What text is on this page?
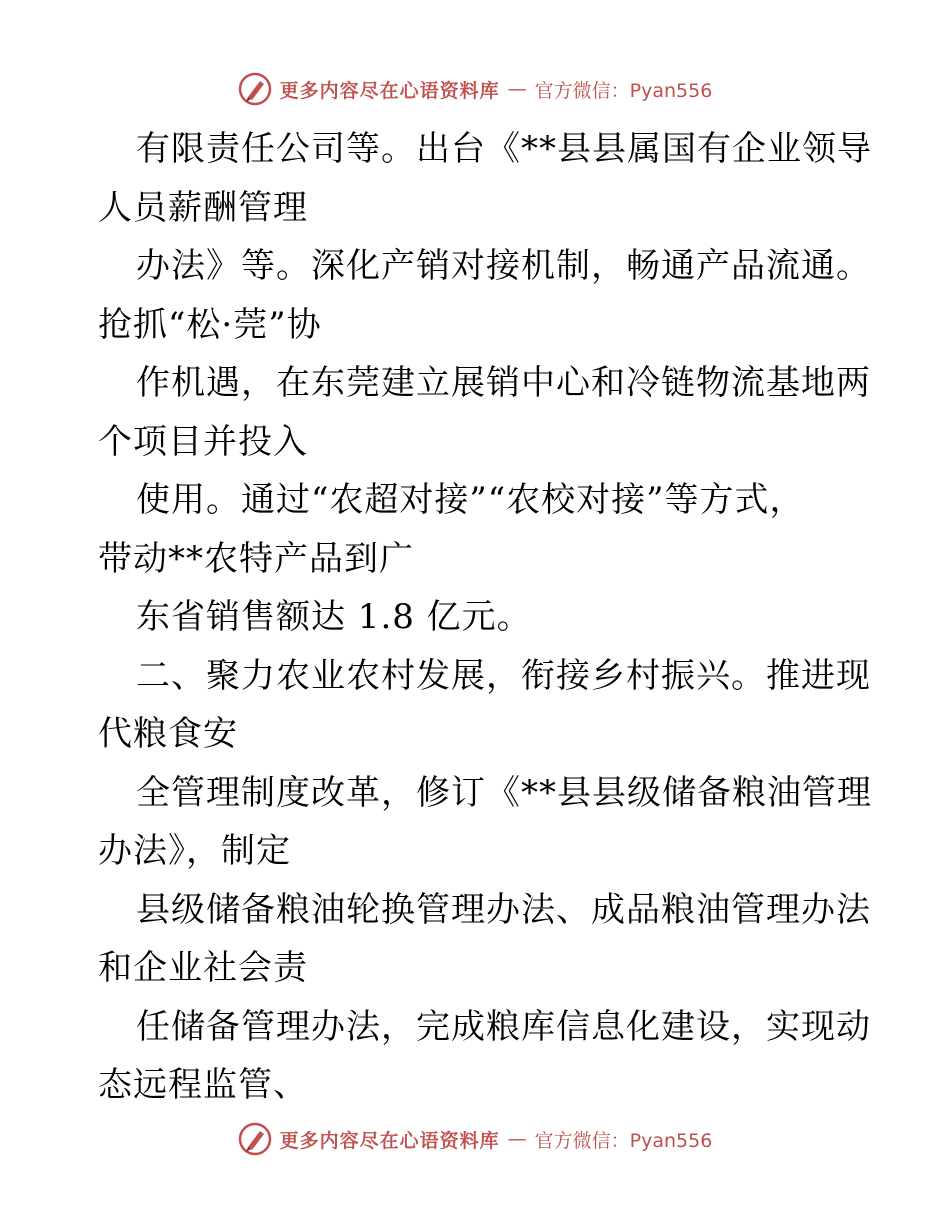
更多内容尽在心语资料库 — 官方微信：Pyan556
有限责任公司等。出台《**县县属国有企业领导
人员薪酬管理
办法》等。深化产销对接机制，畅通产品流通。
抢抓“松·莞”协
作机遇，在东莞建立展销中心和冷链物流基地两
个项目并投入
使用。通过“农超对接”“农校对接”等方式，
带动**农特产品到广
东省销售额达 1.8 亿元。
二、聚力农业农村发展，衔接乡村振兴。推进现
代粮食安
全管理制度改革，修订《**县县级储备粮油管理
办法》，制定
县级储备粮油轮换管理办法、成品粮油管理办法
和企业社会责
任储备管理办法，完成粮库信息化建设，实现动
态远程监管、
更多内容尽在心语资料库 — 官方微信：Pyan556
